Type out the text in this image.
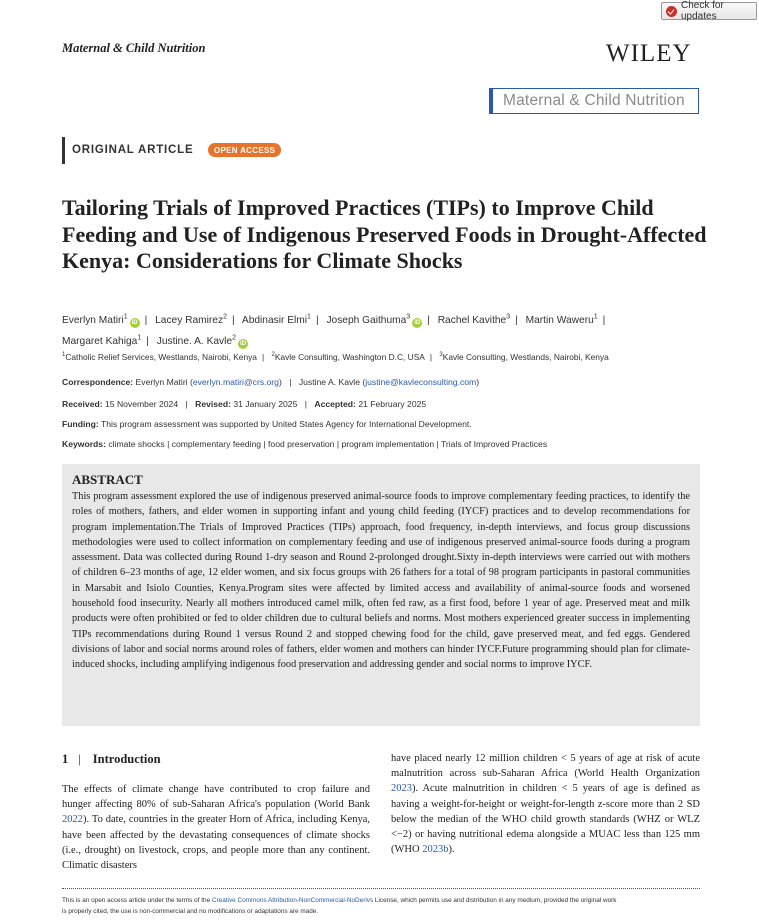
Check for updates
Maternal & Child Nutrition	WILEY
Maternal & Child Nutrition
ORIGINAL ARTICLE	OPEN ACCESS
Tailoring Trials of Improved Practices (TIPs) to Improve Child Feeding and Use of Indigenous Preserved Foods in Drought-Affected Kenya: Considerations for Climate Shocks
Everlyn Matiri$^1$iD | Lacey Ramirez$^2$ | Abdinasir Elmi$^1$ | Joseph Gaithuma$^3$iD | Rachel Kavithe$^3$ | Martin Waweru$^1$ |
Margaret Kahiga$^1$ | Justine. A. Kavle$^2$iD
$^1$Catholic Relief Services, Westlands, Nairobi, Kenya | $^2$Kavle Consulting, Washington D.C, USA | $^3$Kavle Consulting, Westlands, Nairobi, Kenya
Correspondence: Everlyn Matiri (everlyn.matiri@crs.org) | Justine A. Kavle (justine@kavleconsulting.com)
Received: 15 November 2024 | Revised: 31 January 2025 | Accepted: 21 February 2025
Funding: This program assessment was supported by United States Agency for International Development.
Keywords: climate shocks | complementary feeding | food preservation | program implementation | Trials of Improved Practices
ABSTRACT
This program assessment explored the use of indigenous preserved animal-source foods to improve complementary feeding practices, to identify the roles of mothers, fathers, and elder women in supporting infant and young child feeding (IYCF) practices and to develop recommendations for program implementation.The Trials of Improved Practices (TIPs) approach, food frequency, in-depth interviews, and focus group discussions methodologies were used to collect information on complementary feeding and use of indigenous preserved animal-source foods during a program assessment. Data was collected during Round 1-dry season and Round 2-prolonged drought.Sixty in-depth interviews were carried out with mothers of children 6–23 months of age, 12 elder women, and six focus groups with 26 fathers for a total of 98 program participants in pastoral communities in Marsabit and Isiolo Counties, Kenya.Program sites were affected by limited access and availability of animal-source foods and worsened household food insecurity. Nearly all mothers introduced camel milk, often fed raw, as a first food, before 1 year of age. Preserved meat and milk products were often prohibited or fed to older children due to cultural beliefs and norms. Most mothers experienced greater success in implementing TIPs recommendations during Round 1 versus Round 2 and stopped chewing food for the child, gave preserved meat, and fed eggs. Gendered divisions of labor and social norms around roles of fathers, elder women and mothers can hinder IYCF.Future programming should plan for climate-induced shocks, including amplifying indigenous food preservation and addressing gender and social norms to improve IYCF.
1 | Introduction
The effects of climate change have contributed to crop failure and hunger affecting 80% of sub-Saharan Africa's population (World Bank 2022). To date, countries in the greater Horn of Africa, including Kenya, have been affected by the devastating consequences of climate shocks (i.e., drought) on livestock, crops, and people more than any continent. Climatic disasters
have placed nearly 12 million children < 5 years of age at risk of acute malnutrition across sub-Saharan Africa (World Health Organization 2023). Acute malnutrition in children < 5 years of age is defined as having a weight-for-height or weight-for-length z-score more than 2 SD below the median of the WHO child growth standards (WHZ or WLZ <−2) or having nutritional edema alongside a MUAC less than 125 mm (WHO 2023b).
This is an open access article under the terms of the Creative Commons Attribution-NonCommercial-NoDerivs License, which permits use and distribution in any medium, provided the original work
is properly cited, the use is non-commercial and no modifications or adaptations are made.
